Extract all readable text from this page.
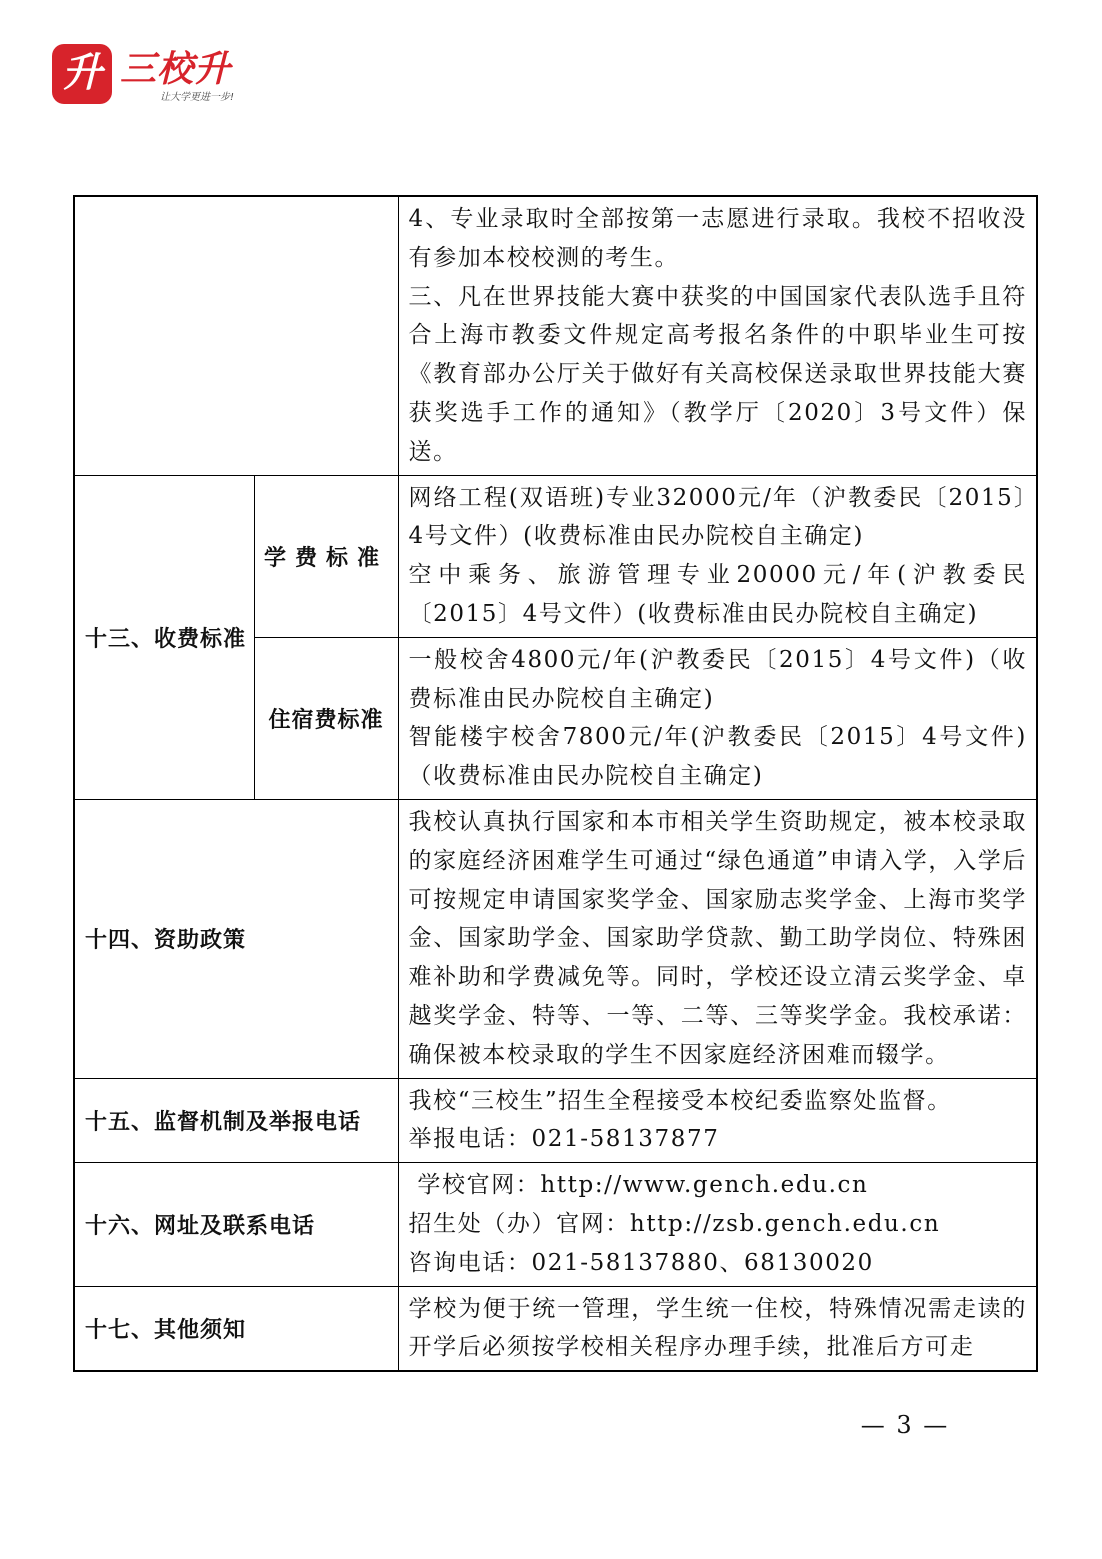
升 三校升
让大学更进一步!

		4、专业录取时全部按第一志愿进行录取。我校不招收没有参加本校校测的考生。

三、凡在世界技能大赛中获奖的中国国家代表队选手且符合上海市教委文件规定高考报名条件的中职毕业生可按《教育部办公厅关于做好有关高校保送录取世界技能大赛获奖选手工作的通知》（教学厅〔2020〕3号文件）保送。

十三、收费标准	学费标准	网络工程(双语班)专业32000元/年（沪教委民〔2015〕4号文件）(收费标准由民办院校自主确定)

空中乘务、旅游管理专业20000元/年(沪教委民〔2015〕4号文件）(收费标准由民办院校自主确定)

	住宿费标准	一般校舍4800元/年(沪教委民〔2015〕4号文件)（收费标准由民办院校自主确定)

智能楼宇校舍7800元/年(沪教委民〔2015〕4号文件)（收费标准由民办院校自主确定)

十四、资助政策		我校认真执行国家和本市相关学生资助规定，被本校录取的家庭经济困难学生可通过“绿色通道”申请入学，入学后可按规定申请国家奖学金、国家励志奖学金、上海市奖学金、国家助学金、国家助学贷款、勤工助学岗位、特殊困难补助和学费减免等。同时，学校还设立清云奖学金、卓越奖学金、特等、一等、二等、三等奖学金。我校承诺：确保被本校录取的学生不因家庭经济困难而辍学。
十五、监督机制及举报电话		我校“三校生”招生全程接受本校纪委监察处监督。

举报电话：021-58137877

十六、网址及联系电话		学校官网：http://www.gench.edu.cn

招生处（办）官网：http://zsb.gench.edu.cn

咨询电话：021-58137880、68130020

十七、其他须知		学校为便于统一管理，学生统一住校，特殊情况需走读的开学后必须按学校相关程序办理手续，批准后方可走
— 3 —
